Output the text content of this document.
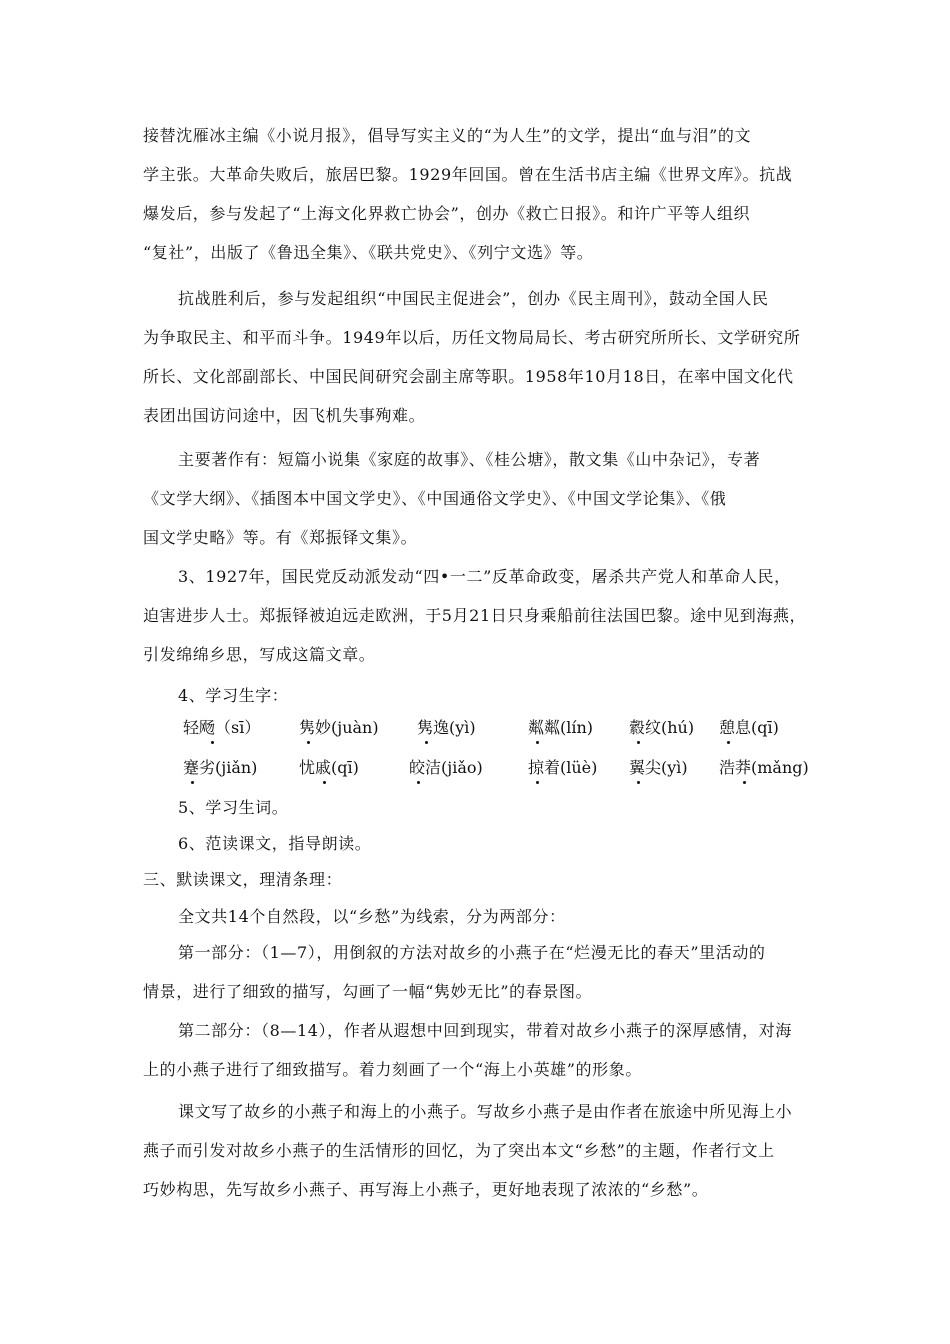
接替沈雁冰主编《小说月报》，倡导写实主义的“为人生”的文学，提出“血与泪”的文
学主张。大革命失败后，旅居巴黎。1929年回国。曾在生活书店主编《世界文库》。抗战
爆发后，参与发起了“上海文化界救亡协会”，创办《救亡日报》。和许广平等人组织
“复社”，出版了《鲁迅全集》、《联共党史》、《列宁文选》等。
抗战胜利后，参与发起组织“中国民主促进会”，创办《民主周刊》，鼓动全国人民
为争取民主、和平而斗争。1949年以后，历任文物局局长、考古研究所所长、文学研究所
所长、文化部副部长、中国民间研究会副主席等职。1958年10月18日，在率中国文化代
表团出国访问途中，因飞机失事殉难。
主要著作有：短篇小说集《家庭的故事》、《桂公塘》，散文集《山中杂记》，专著
《文学大纲》、《插图本中国文学史》、《中国通俗文学史》、《中国文学论集》、《俄
国文学史略》等。有《郑振铎文集》。
3、1927年，国民党反动派发动“四•一二”反革命政变，屠杀共产党人和革命人民，
迫害进步人士。郑振铎被迫远走欧洲，于5月21日只身乘船前往法国巴黎。途中见到海燕，
引发绵绵乡思，写成这篇文章。
4、学习生字：
轻飏（sī） 隽妙(juàn) 隽逸(yì)	粼粼(lín) 縠纹(hú) 憩息(qī)
蹇劣(jiǎn)	忧戚(qī)	皎洁(jiǎo)	掠着(lüè) 翼尖(yì) 浩莽(mǎng)
5、学习生词。
6、范读课文，指导朗读。
三、默读课文，理清条理：
全文共14个自然段，以“乡愁”为线索，分为两部分：
第一部分：（1—7），用倒叙的方法对故乡的小燕子在“烂漫无比的春天”里活动的
情景，进行了细致的描写，勾画了一幅“隽妙无比”的春景图。
第二部分：（8—14），作者从遐想中回到现实，带着对故乡小燕子的深厚感情，对海
上的小燕子进行了细致描写。着力刻画了一个“海上小英雄”的形象。
课文写了故乡的小燕子和海上的小燕子。写故乡小燕子是由作者在旅途中所见海上小
燕子而引发对故乡小燕子的生活情形的回忆，为了突出本文“乡愁”的主题，作者行文上
巧妙构思，先写故乡小燕子、再写海上小燕子，更好地表现了浓浓的“乡愁”。
